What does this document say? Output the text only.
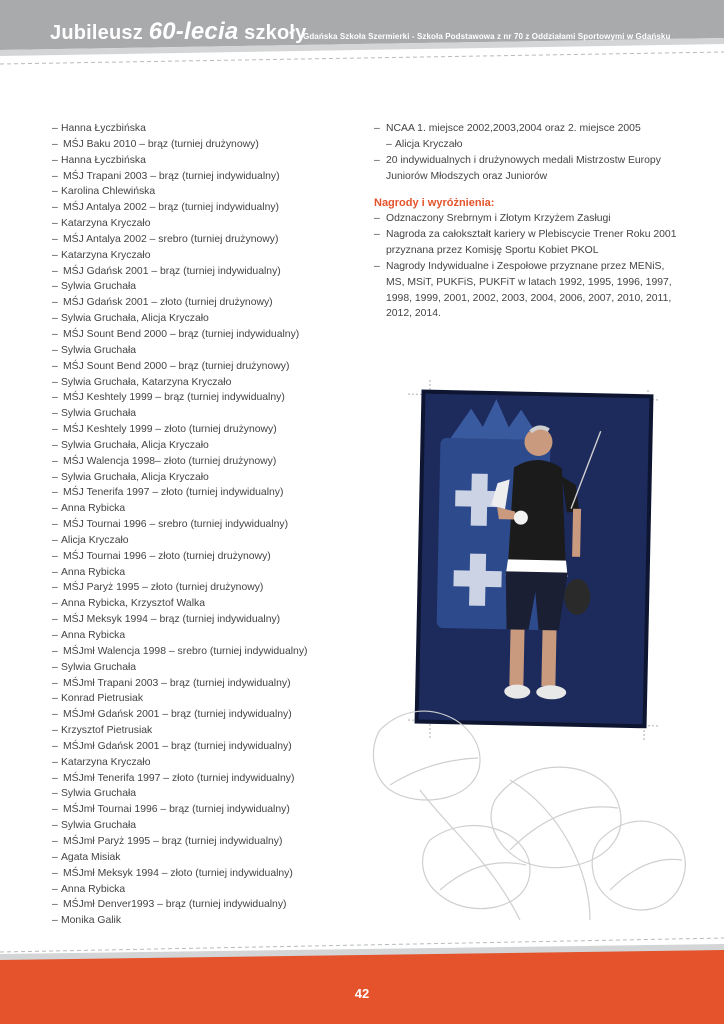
Jubileusz 60-lecia szkoły
Gdańska Szkoła Szermierki - Szkoła Podstawowa z nr 70 z Oddziałami Sportowymi w Gdańsku
– Hanna Łyczbińska
– MŚJ Baku 2010 – brąz (turniej drużynowy)
– Hanna Łyczbińska
– MŚJ Trapani 2003 – brąz (turniej indywidualny)
– Karolina Chlewińska
– MŚJ Antalya 2002 – brąz (turniej indywidualny)
– Katarzyna Kryczało
– MŚJ Antalya 2002 – srebro (turniej drużynowy)
– Katarzyna Kryczało
– MŚJ Gdańsk 2001 – brąz (turniej indywidualny)
– Sylwia Gruchała
– MŚJ Gdańsk 2001 – złoto (turniej drużynowy)
– Sylwia Gruchała, Alicja Kryczało
– MŚJ Sount Bend 2000 – brąz (turniej indywidualny)
– Sylwia Gruchała
– MŚJ Sount Bend 2000 – brąz (turniej drużynowy)
– Sylwia Gruchała, Katarzyna Kryczało
– MŚJ Keshtely 1999 – brąz (turniej indywidualny)
– Sylwia Gruchała
– MŚJ Keshtely 1999 – złoto (turniej drużynowy)
– Sylwia Gruchała, Alicja Kryczało
– MŚJ Walencja 1998– złoto (turniej drużynowy)
– Sylwia Gruchała, Alicja Kryczało
– MŚJ Tenerifa 1997 – złoto (turniej indywidualny)
– Anna Rybicka
– MŚJ Tournai 1996 – srebro (turniej indywidualny)
– Alicja Kryczało
– MŚJ Tournai 1996 – złoto (turniej drużynowy)
– Anna Rybicka
– MŚJ Paryż 1995 – złoto (turniej drużynowy)
– Anna Rybicka, Krzysztof Walka
– MŚJ Meksyk 1994 – brąz (turniej indywidualny)
– Anna Rybicka
– MŚJmł Walencja 1998 – srebro (turniej indywidualny)
– Sylwia Gruchała
– MŚJmł Trapani 2003 – brąz (turniej indywidualny)
– Konrad Pietrusiak
– MŚJmł Gdańsk 2001 – brąz (turniej indywidualny)
– Krzysztof Pietrusiak
– MŚJmł Gdańsk 2001 – brąz (turniej indywidualny)
– Katarzyna Kryczało
– MŚJmł Tenerifa 1997 – złoto (turniej indywidualny)
– Sylwia Gruchała
– MŚJmł Tournai 1996 – brąz (turniej indywidualny)
– Sylwia Gruchała
– MŚJmł Paryż 1995 – brąz (turniej indywidualny)
– Agata Misiak
– MŚJmł Meksyk 1994 – złoto (turniej indywidualny)
– Anna Rybicka
– MŚJmł Denver1993 – brąz (turniej indywidualny)
– Monika Galik
– NCAA 1. miejsce 2002,2003,2004 oraz 2. miejsce 2005
– Alicja Kryczało
– 20 indywidualnych i drużynowych medali Mistrzostw Europy Juniorów Młodszych oraz Juniorów
Nagrody i wyróżnienia:
– Odznaczony Srebrnym i Złotym Krzyżem Zasługi
– Nagroda za całokształt kariery w Plebiscycie Trener Roku 2001 przyznana przez Komisję Sportu Kobiet PKOL
– Nagrody Indywidualne i Zespołowe przyznane przez MENiS, MS, MSiT, PUKFiS, PUKFiT w latach 1992, 1995, 1996, 1997, 1998, 1999, 2001, 2002, 2003, 2004, 2006, 2007, 2010, 2011, 2012, 2014.
42
